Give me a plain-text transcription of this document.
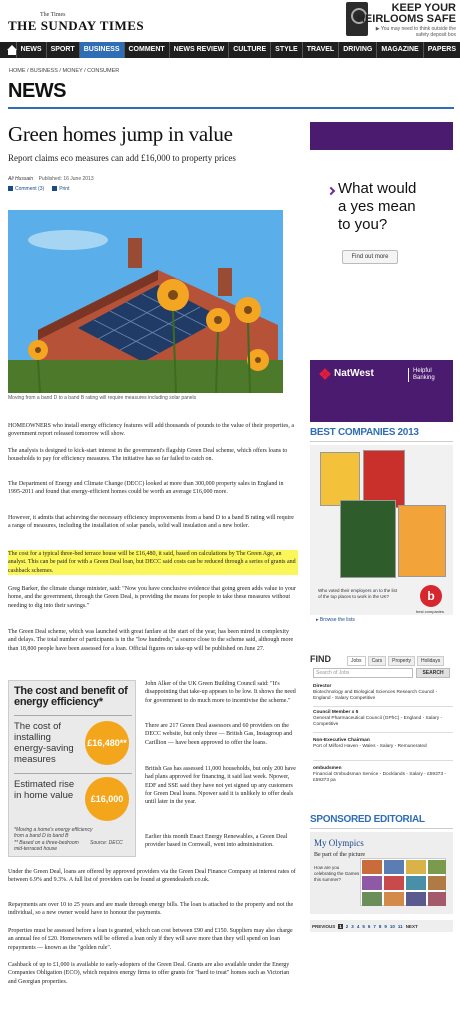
The Times
THE SUNDAY TIMES
KEEP YOUR
HEIRLOOMS SAFE
▶ You may need to think outside the safety deposit box
NEWS	SPORT	BUSINESS	COMMENT	NEWS REVIEW	CULTURE	STYLE	TRAVEL	DRIVING	MAGAZINE	PAPERS
HOME / BUSINESS / MONEY / CONSUMER
NEWS
Green homes jump in value
Report claims eco measures can add £16,000 to property prices
Ali Hussain Published: 16 June 2013
Comment (3)	Print
Moving from a band D to a band B rating will require measures including solar panels

HOMEOWNERS who install energy efficiency features will add thousands of pounds to the value of their properties, a government report released tomorrow will show.

The analysis is designed to kick-start interest in the government's flagship Green Deal scheme, which offers loans to households to pay for efficiency measures. The initiative has so far failed to catch on.

The Department of Energy and Climate Change (DECC) looked at more than 300,000 property sales in England in 1995-2011 and found that energy-efficient homes could be worth an average £16,000 more.

However, it admits that achieving the necessary efficiency improvements from a band D to a band B rating will require a range of measures, including the installation of solar panels, solid wall insulation and a new boiler.

The cost for a typical three-bed terrace house will be £16,480, it said, based on calculations by The Green Age, an analyst. This can be paid for with a Green Deal loan, but DECC said costs can be reduced through a series of grants and cashback schemes.

Greg Barker, the climate change minister, said: "Now you have conclusive evidence that going green adds value to your home, and the government, through the Green Deal, is providing the means for people to take these measures without needing to dig into their savings."

The Green Deal scheme, which was launched with great fanfare at the start of the year, has been mired in complexity and delays. The total number of participants is in the "low hundreds," a source close to the scheme said, although more than 18,800 people have been assessed for a loan. Official figures on take-up will be published on June 27.

John Alker of the UK Green Building Council said: "It's disappointing that take-up appears to be low. It shows the need for government to do much more to incentivise the scheme."

There are 217 Green Deal assessors and 60 providers on the DECC website, but only three — British Gas, Instagroup and Carillion — have been approved to offer the loans.

British Gas has assessed 11,000 households, but only 200 have had plans approved for financing, it said last week. Npower, EDF and SSE said they have not yet signed up any customers for Green Deal loans. Npower said it is unlikely to offer deals until later in the year.

Earlier this month Enact Energy Renewables, a Green Deal provider based in Cornwall, went into administration.

Under the Green Deal, loans are offered by approved providers via the Green Deal Finance Company at interest rates of between 6.9% and 9.3%. A full list of providers can be found at greendealorb.co.uk.

Repayments are over 10 to 25 years and are made through energy bills. The loan is attached to the property and not the individual, so a new owner would have to honour the payments.

Properties must be assessed before a loan is granted, which can cost between £90 and £150. Suppliers may also charge an annual fee of £20. Homeowners will be offered a loan only if they will save more than they will spend on loan repayments — known as the "golden rule".

Cashback of up to £1,000 is available to early-adopters of the Green Deal. Grants are also available under the Energy Companies Obligation (ECO), which requires energy firms to offer grants for "hard to treat" homes such as Victorian and Georgian properties.

The cost and benefit of energy efficiency*
The cost of installing energy-saving measures
£16,480**
Estimated rise in home value	£16,000
*Moving a home's energy efficiency from a band D to band B
** Based on a three-bedroom mid-terraced house
Source: DECC
What would a yes mean to you?
Find out more
YOUR HOME MAY BE REPOSSESSED IF YOU DO NOT KEEP UP REPAYMENTS ON YOUR MORTGAGE
NatWest	Helpful Banking
BEST COMPANIES 2013
Who voted their employers on to the list of the top places to work in the UK?	b
best companies
▸ Browse the lists
FIND	Jobs	Cars	Property	Holidays
Search of Jobs	SEARCH
Director
Biotechnology and Biological Sciences Research Council - England - Salary Competitive
Council Member x 5
General Pharmaceutical Council (GPhC) - England - Salary - Competitive
Non-Executive Chairman
Port of Milford Haven - Wales - Salary - Remunerated
ombudsmen
Financial Ombudsman Service - Docklands - Salary - £59373 - £59373 pa
SPONSORED EDITORIAL
My Olympics
Be part of the picture
How are you celebrating the Games this summer?
PREVIOUS 1 2 3 4 5 6 7 8 9 10 11 NEXT
